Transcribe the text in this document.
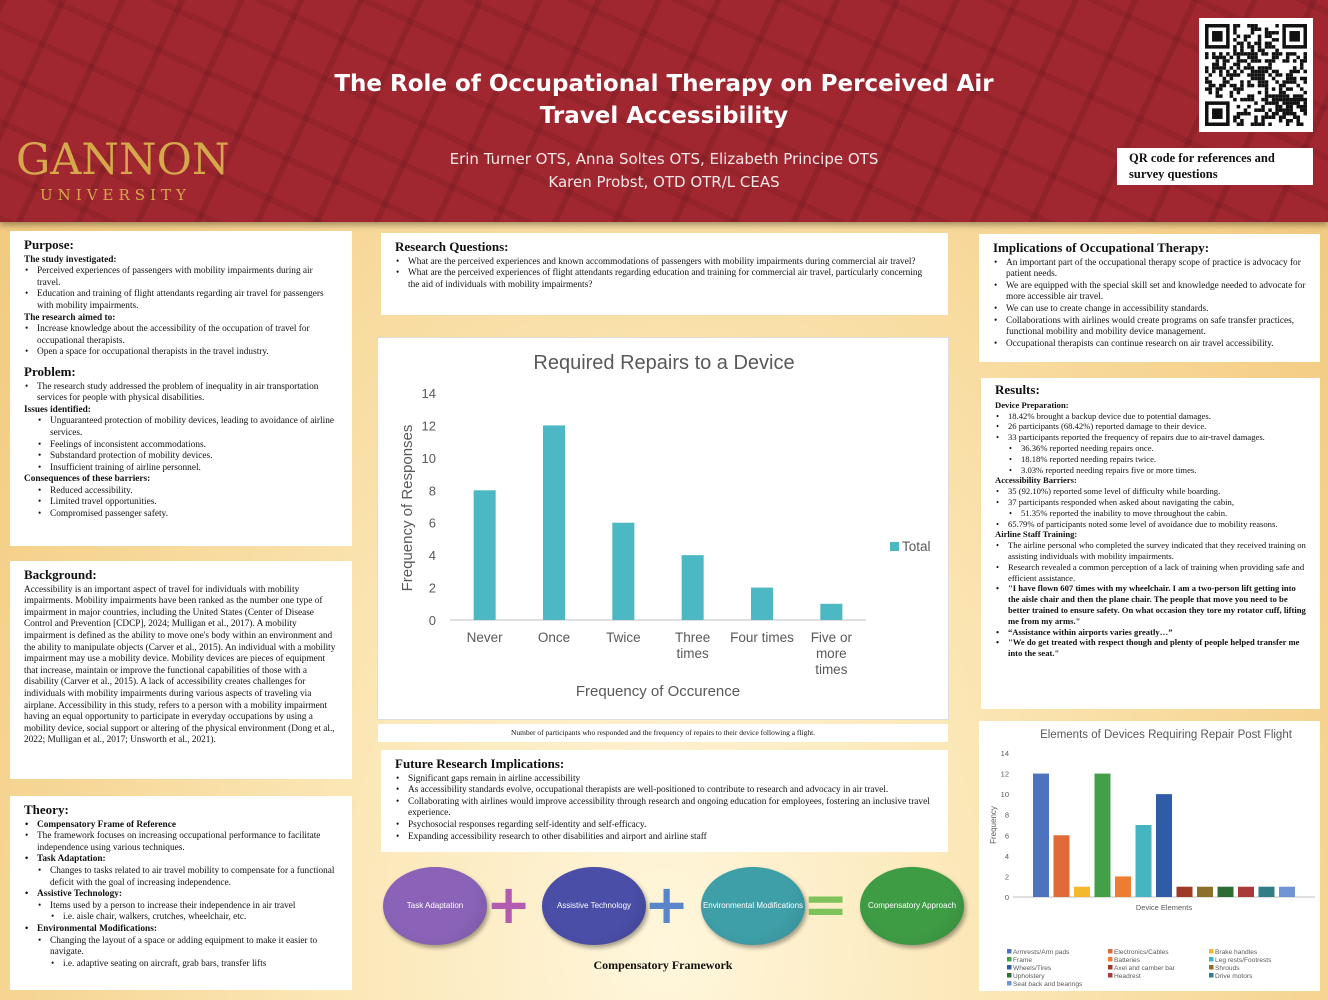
The Role of Occupational Therapy on Perceived Air Travel Accessibility
Erin Turner OTS, Anna Soltes OTS, Elizabeth Principe OTS
Karen Probst, OTD OTR/L CEAS
GANNON
UNIVERSITY
QR code for references and survey questions
Purpose:
The study investigated:
• Perceived experiences of passengers with mobility impairments during air travel.
• Education and training of flight attendants regarding air travel for passengers with mobility impairments.
The research aimed to:
• Increase knowledge about the accessibility of the occupation of travel for occupational therapists.
• Open a space for occupational therapists in the travel industry.
Problem:
• The research study addressed the problem of inequality in air transportation services for people with physical disabilities.
Issues identified:
• Unguaranteed protection of mobility devices, leading to avoidance of airline services.
• Feelings of inconsistent accommodations.
• Substandard protection of mobility devices.
• Insufficient training of airline personnel.
Consequences of these barriers:
• Reduced accessibility.
• Limited travel opportunities.
• Compromised passenger safety.
Background:

Accessibility is an important aspect of travel for individuals with mobility impairments. Mobility impairments have been ranked as the number one type of impairment in major countries, including the United States (Center of Disease Control and Prevention [CDCP], 2024; Mulligan et al., 2017). A mobility impairment is defined as the ability to move one's body within an environment and the ability to manipulate objects (Carver et al., 2015). An individual with a mobility impairment may use a mobility device. Mobility devices are pieces of equipment that increase, maintain or improve the functional capabilities of those with a disability (Carver et al., 2015). A lack of accessibility creates challenges for individuals with mobility impairments during various aspects of traveling via airplane. Accessibility in this study, refers to a person with a mobility impairment having an equal opportunity to participate in everyday occupations by using a mobility device, social support or altering of the physical environment (Dong et al., 2022; Mulligan et al., 2017; Unsworth et al., 2021).

Theory:
• Compensatory Frame of Reference
• The framework focuses on increasing occupational performance to facilitate independence using various techniques.
• Task Adaptation:
• Changes to tasks related to air travel mobility to compensate for a functional deficit with the goal of increasing independence.
• Assistive Technology:
• Items used by a person to increase their independence in air travel
• i.e. aisle chair, walkers, crutches, wheelchair, etc.
• Environmental Modifications:
• Changing the layout of a space or adding equipment to make it easier to navigate.
• i.e. adaptive seating on aircraft, grab bars, transfer lifts
Research Questions:
• What are the perceived experiences and known accommodations of passengers with mobility impairments during commercial air travel?
• What are the perceived experiences of flight attendants regarding education and training for commercial air travel, particularly concerning the aid of individuals with mobility impairments?
Required Repairs to a Device
0
2
4
6
8
10
12
14
Never	Once	Twice	Three times
Four times Five or more times
Frequency of Occurence
Frequency of Responses	Total
Number of participants who responded and the frequency of repairs to their device following a flight.
Future Research Implications:
• Significant gaps remain in airline accessibility
• As accessibility standards evolve, occupational therapists are well-positioned to contribute to research and advocacy in air travel.
• Collaborating with airlines would improve accessibility through research and ongoing education for employees, fostering an inclusive travel experience.
• Psychosocial responses regarding self-identity and self-efficacy.
• Expanding accessibility research to other disabilities and airport and airline staff
Task Adaptation +	Assistive Technology + Environmental Modifications =	Compensatory Approach
Compensatory Framework
Implications of Occupational Therapy:
• An important part of the occupational therapy scope of practice is advocacy for patient needs.
• We are equipped with the special skill set and knowledge needed to advocate for more accessible air travel.
• We can use to create change in accessibility standards.
• Collaborations with airlines would create programs on safe transfer practices, functional mobility and mobility device management.
• Occupational therapists can continue research on air travel accessibility.
Results:
Device Preparation:
• 18.42% brought a backup device due to potential damages.
• 26 participants (68.42%) reported damage to their device.
• 33 participants reported the frequency of repairs due to air-travel damages.
• 36.36% reported needing repairs once.
• 18.18% reported needing repairs twice.
• 3.03% reported needing repairs five or more times.
Accessibility Barriers:
• 35 (92.10%) reported some level of difficulty while boarding.
• 37 participants responded when asked about navigating the cabin,
• 51.35% reported the inability to move throughout the cabin.
• 65.79% of participants noted some level of avoidance due to mobility reasons.
Airline Staff Training:
• The airline personal who completed the survey indicated that they received training on assisting individuals with mobility impairments.
• Research revealed a common perception of a lack of training when providing safe and efficient assistance.
• "I have flown 607 times with my wheelchair. I am a two-person lift getting into the aisle chair and then the plane chair. The people that move you need to be better trained to ensure safety. On what occasion they tore my rotator cuff, lifting me from my arms."
• “Assistance within airports varies greatly…”
• "We do get treated with respect though and plenty of people helped transfer me into the seat."
Elements of Devices Requiring Repair Post Flight
0
2
4
6
8
10
12
14
Device Elements
Frequency
Armrests/Arm pads	Electronics/Cables	Brake handles
Frame	Batteries	Leg rests/Footrests
Wheels/Tires	Axel and camber bar	Shrouds
Upholstery	Headrest	Drive motors
Seat back and bearings
